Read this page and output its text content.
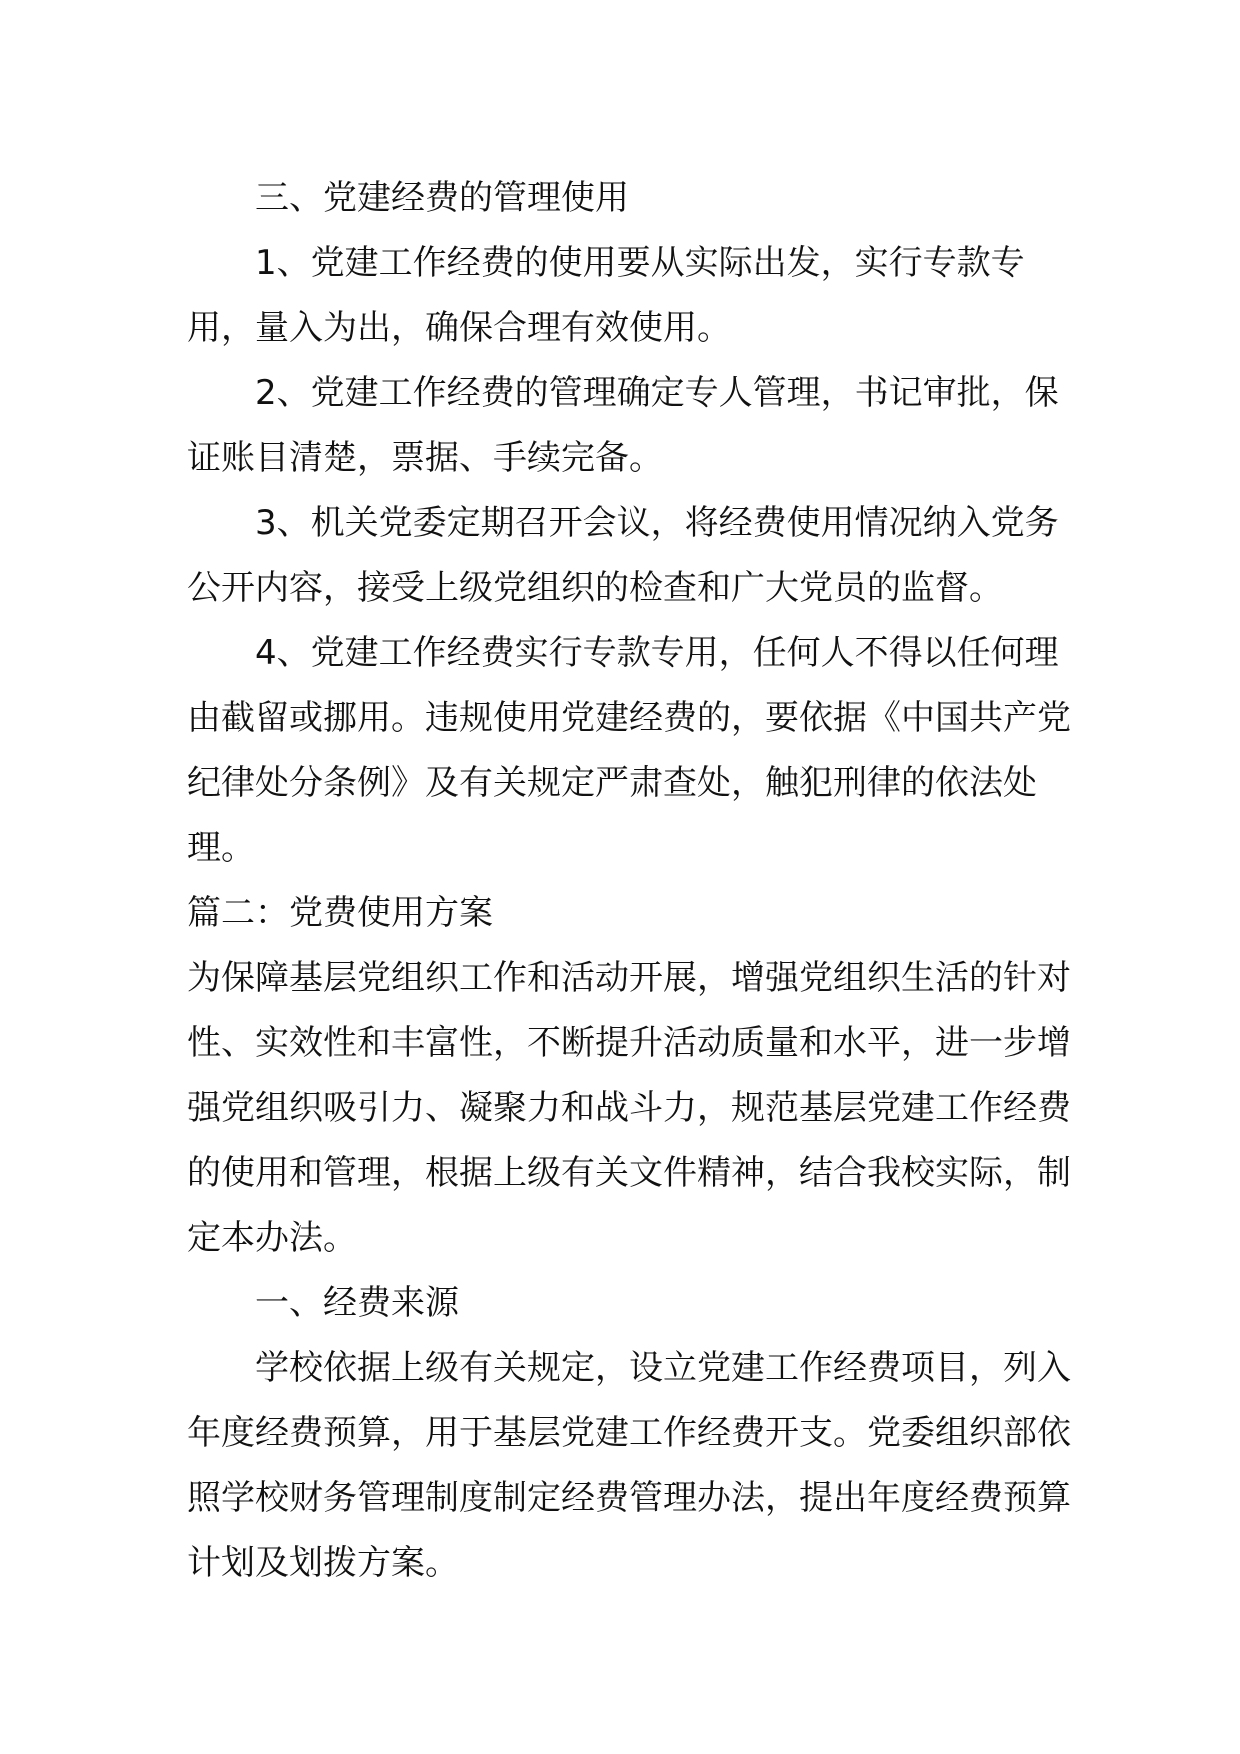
三、党建经费的管理使用

1、党建工作经费的使用要从实际出发，实行专款专用，量入为出，确保合理有效使用。

2、党建工作经费的管理确定专人管理，书记审批，保证账目清楚，票据、手续完备。

3、机关党委定期召开会议，将经费使用情况纳入党务公开内容，接受上级党组织的检查和广大党员的监督。

4、党建工作经费实行专款专用，任何人不得以任何理由截留或挪用。违规使用党建经费的，要依据《中国共产党纪律处分条例》及有关规定严肃查处，触犯刑律的依法处理。

篇二：党费使用方案

为保障基层党组织工作和活动开展，增强党组织生活的针对性、实效性和丰富性，不断提升活动质量和水平，进一步增强党组织吸引力、凝聚力和战斗力，规范基层党建工作经费的使用和管理，根据上级有关文件精神，结合我校实际，制定本办法。

一、经费来源

学校依据上级有关规定，设立党建工作经费项目，列入年度经费预算，用于基层党建工作经费开支。党委组织部依照学校财务管理制度制定经费管理办法，提出年度经费预算计划及划拨方案。
